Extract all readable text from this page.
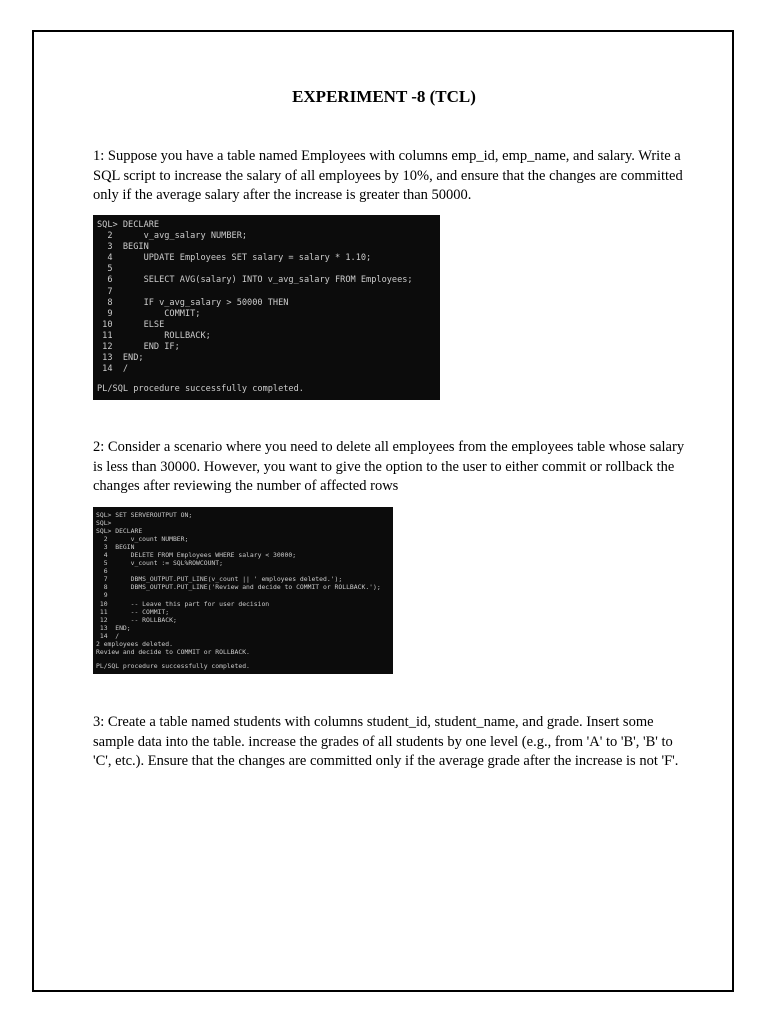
EXPERIMENT -8 (TCL)

1: Suppose you have a table named Employees with columns emp_id, emp_name, and salary. Write a SQL script to increase the salary of all employees by 10%, and ensure that the changes are committed only if the average salary after the increase is greater than 50000.

SQL> DECLARE
2      v_avg_salary NUMBER;
3  BEGIN
4      UPDATE Employees SET salary = salary * 1.10;
5
6      SELECT AVG(salary) INTO v_avg_salary FROM Employees;
7
8      IF v_avg_salary > 50000 THEN
9          COMMIT;
10      ELSE
11          ROLLBACK;
12      END IF;
13  END;
14  /
PL/SQL procedure successfully completed.

2: Consider a scenario where you need to delete all employees from the employees table whose salary is less than 30000. However, you want to give the option to the user to either commit or rollback the changes after reviewing the number of affected rows

SQL> SET SERVEROUTPUT ON;
SQL>
SQL> DECLARE
2      v_count NUMBER;
3  BEGIN
4      DELETE FROM Employees WHERE salary < 30000;
5      v_count := SQL%ROWCOUNT;
6
7      DBMS_OUTPUT.PUT_LINE(v_count || ' employees deleted.');
8      DBMS_OUTPUT.PUT_LINE('Review and decide to COMMIT or ROLLBACK.');
9
10      -- Leave this part for user decision
11      -- COMMIT;
12      -- ROLLBACK;
13  END;
14  /
2 employees deleted.
Review and decide to COMMIT or ROLLBACK.
PL/SQL procedure successfully completed.

3: Create a table named students with columns student_id, student_name, and grade. Insert some sample data into the table. increase the grades of all students by one level (e.g., from 'A' to 'B', 'B' to 'C', etc.). Ensure that the changes are committed only if the average grade after the increase is not 'F'.
